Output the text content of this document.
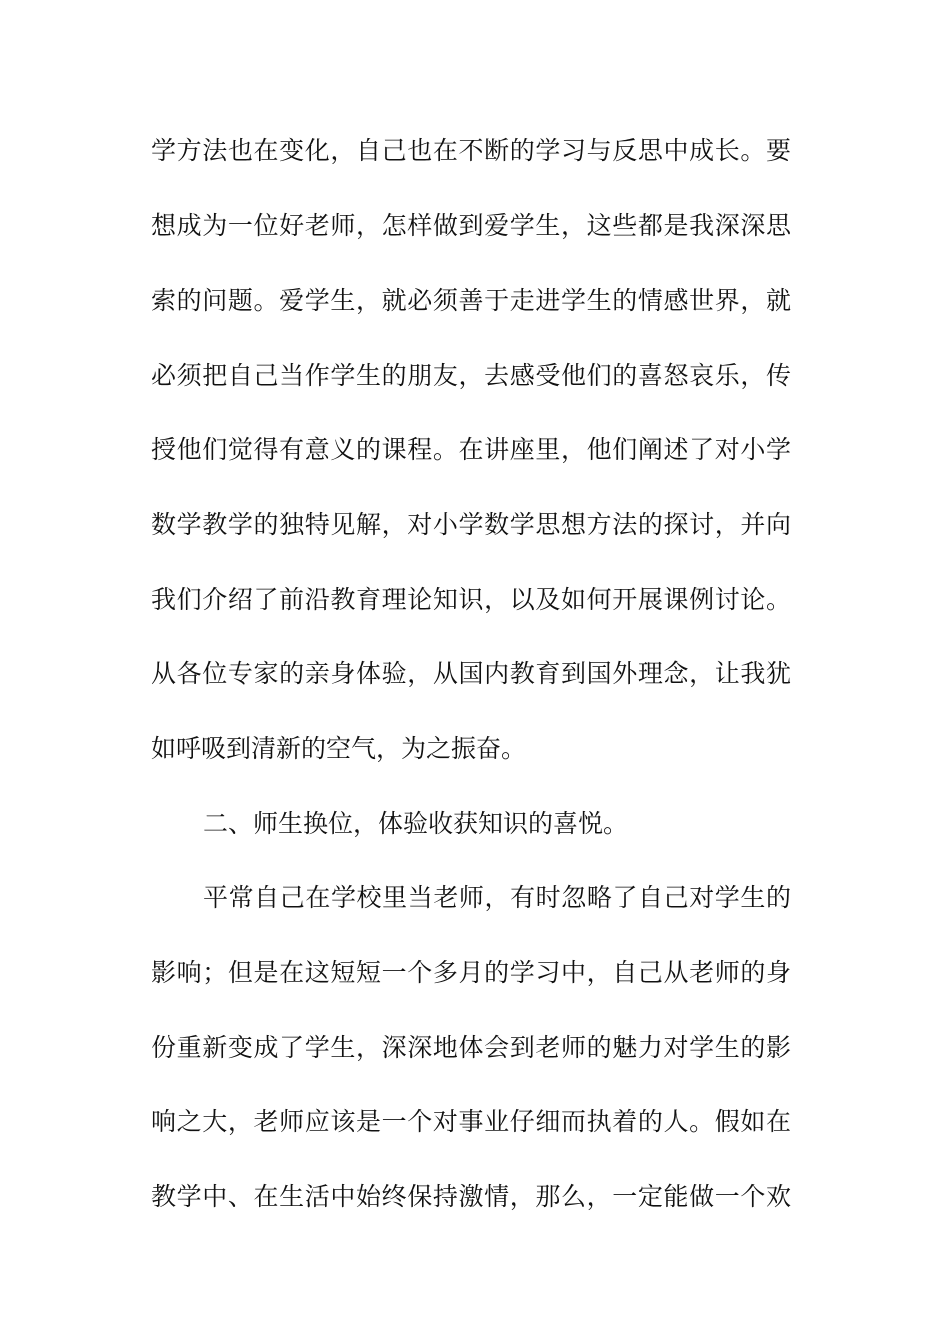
学方法也在变化，自己也在不断的学习与反思中成长。要
想成为一位好老师，怎样做到爱学生，这些都是我深深思
索的问题。爱学生，就必须善于走进学生的情感世界，就
必须把自己当作学生的朋友，去感受他们的喜怒哀乐，传
授他们觉得有意义的课程。在讲座里，他们阐述了对小学
数学教学的独特见解，对小学数学思想方法的探讨，并向
我们介绍了前沿教育理论知识，以及如何开展课例讨论。
从各位专家的亲身体验，从国内教育到国外理念，让我犹
如呼吸到清新的空气，为之振奋。
二、师生换位，体验收获知识的喜悦。
平常自己在学校里当老师，有时忽略了自己对学生的
影响；但是在这短短一个多月的学习中，自己从老师的身
份重新变成了学生，深深地体会到老师的魅力对学生的影
响之大，老师应该是一个对事业仔细而执着的人。假如在
教学中、在生活中始终保持激情，那么，一定能做一个欢
